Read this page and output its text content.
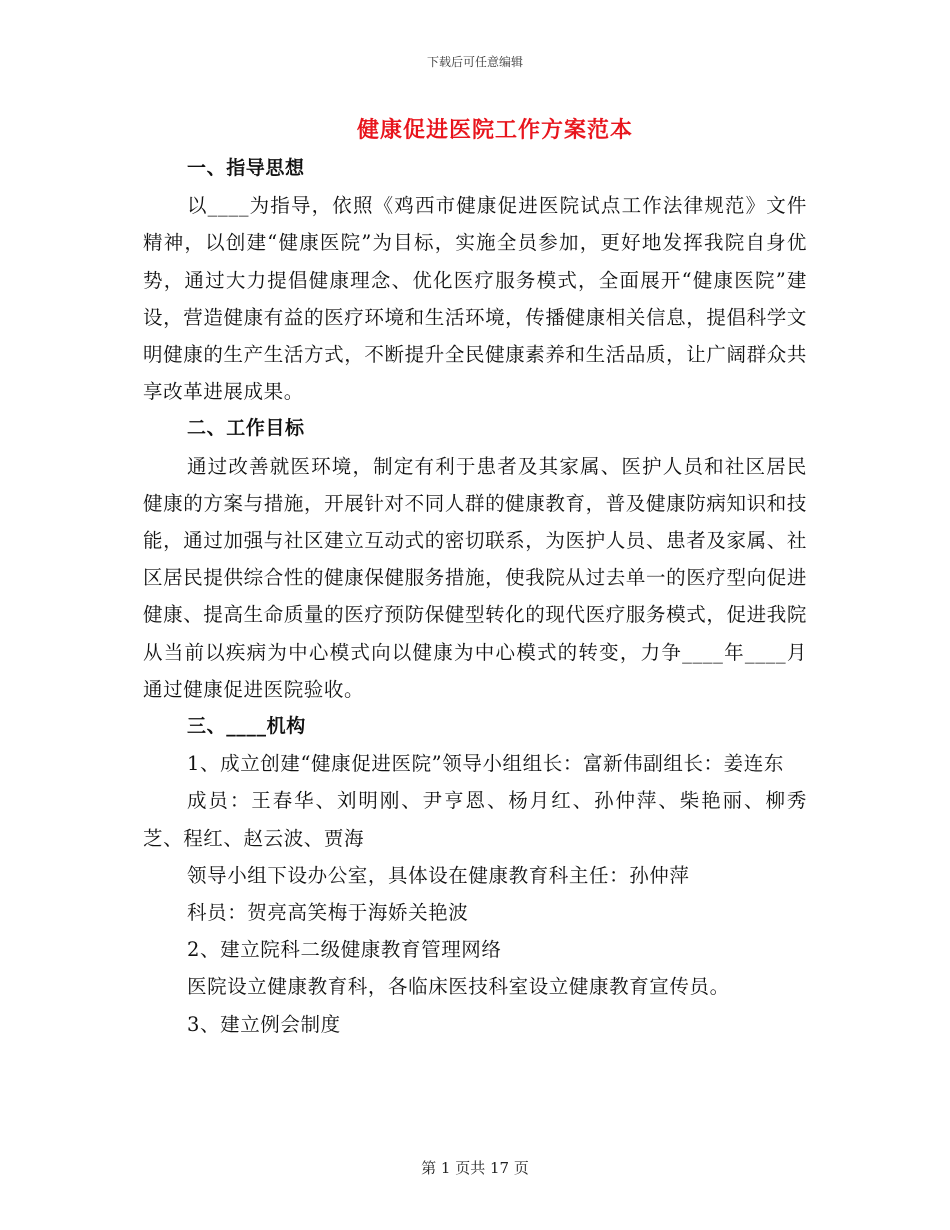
下载后可任意编辑
健康促进医院工作方案范本

一、指导思想

以____为指导，依照《鸡西市健康促进医院试点工作法律规范》文件精神，以创建“健康医院”为目标，实施全员参加，更好地发挥我院自身优势，通过大力提倡健康理念、优化医疗服务模式，全面展开“健康医院”建设，营造健康有益的医疗环境和生活环境，传播健康相关信息，提倡科学文明健康的生产生活方式，不断提升全民健康素养和生活品质，让广阔群众共享改革进展成果。

二、工作目标

通过改善就医环境，制定有利于患者及其家属、医护人员和社区居民健康的方案与措施，开展针对不同人群的健康教育，普及健康防病知识和技能，通过加强与社区建立互动式的密切联系，为医护人员、患者及家属、社区居民提供综合性的健康保健服务措施，使我院从过去单一的医疗型向促进健康、提高生命质量的医疗预防保健型转化的现代医疗服务模式，促进我院从当前以疾病为中心模式向以健康为中心模式的转变，力争____年____月通过健康促进医院验收。

三、____机构

1、成立创建“健康促进医院”领导小组组长：富新伟副组长：姜连东

成员：王春华、刘明刚、尹亨恩、杨月红、孙仲萍、柴艳丽、柳秀芝、程红、赵云波、贾海

领导小组下设办公室，具体设在健康教育科主任：孙仲萍

科员：贺亮高笑梅于海娇关艳波

2、建立院科二级健康教育管理网络

医院设立健康教育科，各临床医技科室设立健康教育宣传员。

3、建立例会制度

第 1 页共 17 页
